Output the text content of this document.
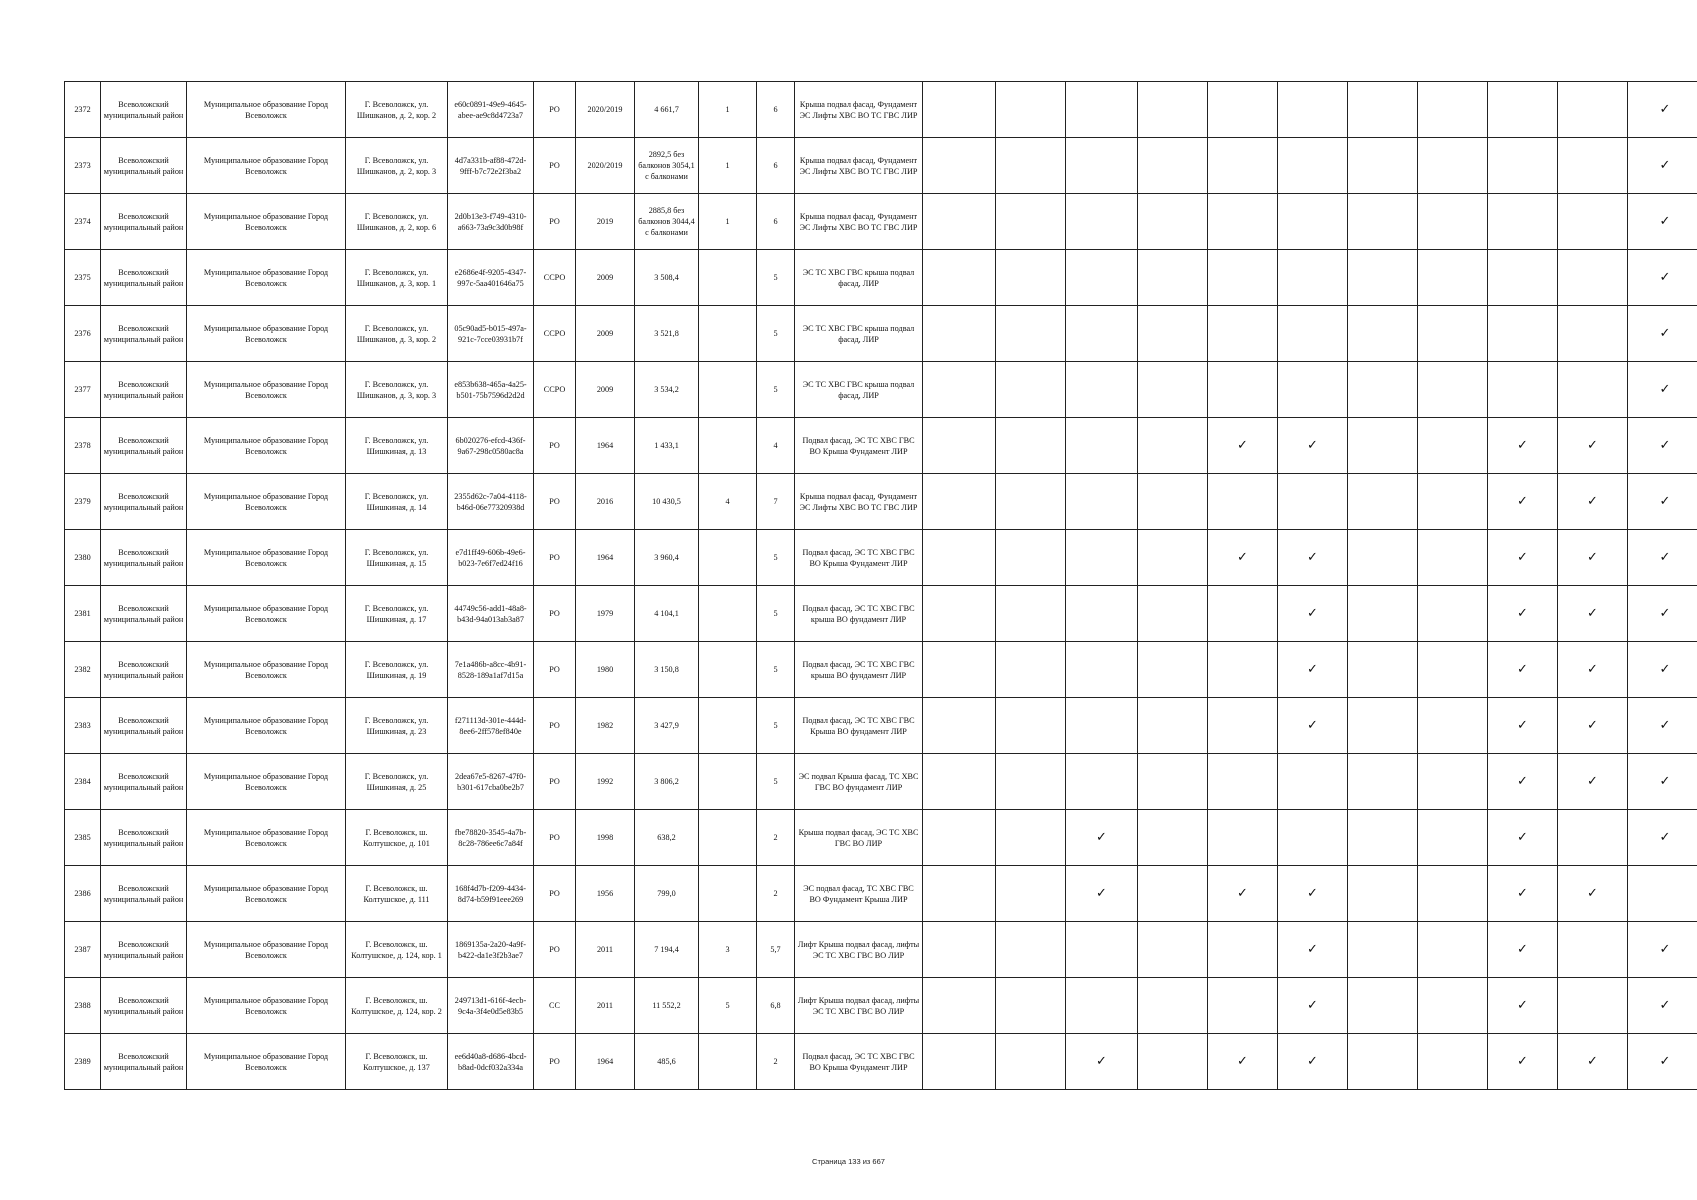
2372	Всеволожский муниципальный район	Муниципальное образование Город Всеволожск	Г. Всеволожск, ул. Шишканов, д. 2, кор. 2	e60c0891-49e9-4645-abee-ae9c8d4723a7	РО	2020/2019	4 661,7	1	6	Крыша подвал фасад, Фундамент ЭС Лифты ХВС ВО ТС ГВС ЛИР											✓
2373	Всеволожский муниципальный район	Муниципальное образование Город Всеволожск	Г. Всеволожск, ул. Шишканов, д. 2, кор. 3	4d7a331b-af88-472d-9fff-b7c72e2f3ba2	РО	2020/2019	2892,5 без балконов 3054,1 с балконами	1	6	Крыша подвал фасад, Фундамент ЭС Лифты ХВС ВО ТС ГВС ЛИР											✓
2374	Всеволожский муниципальный район	Муниципальное образование Город Всеволожск	Г. Всеволожск, ул. Шишканов, д. 2, кор. 6	2d0b13e3-f749-4310-a663-73a9c3d0b98f	РО	2019	2885,8 без балконов 3044,4 с балконами	1	6	Крыша подвал фасад, Фундамент ЭС Лифты ХВС ВО ТС ГВС ЛИР											✓
2375	Всеволожский муниципальный район	Муниципальное образование Город Всеволожск	Г. Всеволожск, ул. Шишканов, д. 3, кор. 1	e2686e4f-9205-4347-997c-5aa401646a75	ССРО	2009	3 508,4		5	ЭС ТС ХВС ГВС крыша подвал фасад, ЛИР											✓
2376	Всеволожский муниципальный район	Муниципальное образование Город Всеволожск	Г. Всеволожск, ул. Шишканов, д. 3, кор. 2	05c90ad5-b015-497a-921c-7cce03931b7f	ССРО	2009	3 521,8		5	ЭС ТС ХВС ГВС крыша подвал фасад, ЛИР											✓
2377	Всеволожский муниципальный район	Муниципальное образование Город Всеволожск	Г. Всеволожск, ул. Шишканов, д. 3, кор. 3	e853b638-465a-4a25-b501-75b7596d2d2d	ССРО	2009	3 534,2		5	ЭС ТС ХВС ГВС крыша подвал фасад, ЛИР											✓
2378	Всеволожский муниципальный район	Муниципальное образование Город Всеволожск	Г. Всеволожск, ул. Шишкиная, д. 13	6b020276-efcd-436f-9a67-298c0580ac8a	РО	1964	1 433,1		4	Подвал фасад, ЭС ТС ХВС ГВС ВО Крыша Фундамент ЛИР					✓	✓			✓	✓	✓
2379	Всеволожский муниципальный район	Муниципальное образование Город Всеволожск	Г. Всеволожск, ул. Шишкиная, д. 14	2355d62c-7a04-4118-b46d-06e77320938d	РО	2016	10 430,5	4	7	Крыша подвал фасад, Фундамент ЭС Лифты ХВС ВО ТС ГВС ЛИР									✓	✓	✓
2380	Всеволожский муниципальный район	Муниципальное образование Город Всеволожск	Г. Всеволожск, ул. Шишкиная, д. 15	e7d1ff49-606b-49e6-b023-7e6f7ed24f16	РО	1964	3 960,4		5	Подвал фасад, ЭС ТС ХВС ГВС ВО Крыша Фундамент ЛИР					✓	✓			✓	✓	✓
2381	Всеволожский муниципальный район	Муниципальное образование Город Всеволожск	Г. Всеволожск, ул. Шишкиная, д. 17	44749c56-add1-48a8-b43d-94a013ab3a87	РО	1979	4 104,1		5	Подвал фасад, ЭС ТС ХВС ГВС крыша ВО фундамент ЛИР						✓			✓	✓	✓
2382	Всеволожский муниципальный район	Муниципальное образование Город Всеволожск	Г. Всеволожск, ул. Шишкиная, д. 19	7e1a486b-a8cc-4b91-8528-189a1af7d15a	РО	1980	3 150,8		5	Подвал фасад, ЭС ТС ХВС ГВС крыша ВО фундамент ЛИР						✓			✓	✓	✓
2383	Всеволожский муниципальный район	Муниципальное образование Город Всеволожск	Г. Всеволожск, ул. Шишкиная, д. 23	f271113d-301e-444d-8ee6-2ff578ef840e	РО	1982	3 427,9		5	Подвал фасад, ЭС ТС ХВС ГВС Крыша ВО фундамент ЛИР						✓			✓	✓	✓
2384	Всеволожский муниципальный район	Муниципальное образование Город Всеволожск	Г. Всеволожск, ул. Шишкиная, д. 25	2dea67e5-8267-47f0-b301-617cba0be2b7	РО	1992	3 806,2		5	ЭС подвал Крыша фасад, ТС ХВС ГВС ВО фундамент ЛИР									✓	✓	✓
2385	Всеволожский муниципальный район	Муниципальное образование Город Всеволожск	Г. Всеволожск, ш. Колтушское, д. 101	fbe78820-3545-4a7b-8c28-786ee6c7a84f	РО	1998	638,2		2	Крыша подвал фасад, ЭС ТС ХВС ГВС ВО ЛИР			✓						✓		✓
2386	Всеволожский муниципальный район	Муниципальное образование Город Всеволожск	Г. Всеволожск, ш. Колтушское, д. 111	168f4d7b-f209-4434-8d74-b59f91eee269	РО	1956	799,0		2	ЭС подвал фасад, ТС ХВС ГВС ВО Фундамент Крыша ЛИР			✓		✓	✓			✓	✓	
2387	Всеволожский муниципальный район	Муниципальное образование Город Всеволожск	Г. Всеволожск, ш. Колтушское, д. 124, кор. 1	1869135a-2a20-4a9f-b422-da1e3f2b3ae7	РО	2011	7 194,4	3	5,7	Лифт Крыша подвал фасад, лифты ЭС ТС ХВС ГВС ВО ЛИР						✓			✓		✓
2388	Всеволожский муниципальный район	Муниципальное образование Город Всеволожск	Г. Всеволожск, ш. Колтушское, д. 124, кор. 2	249713d1-616f-4ecb-9c4a-3f4e0d5e83b5	СС	2011	11 552,2	5	6,8	Лифт Крыша подвал фасад, лифты ЭС ТС ХВС ГВС ВО ЛИР						✓			✓		✓
2389	Всеволожский муниципальный район	Муниципальное образование Город Всеволожск	Г. Всеволожск, ш. Колтушское, д. 137	ee6d40a8-d686-4bcd-b8ad-0dcf032a334a	РО	1964	485,6		2	Подвал фасад, ЭС ТС ХВС ГВС ВО Крыша Фундамент ЛИР			✓		✓	✓			✓	✓	✓
Страница 133 из 667
